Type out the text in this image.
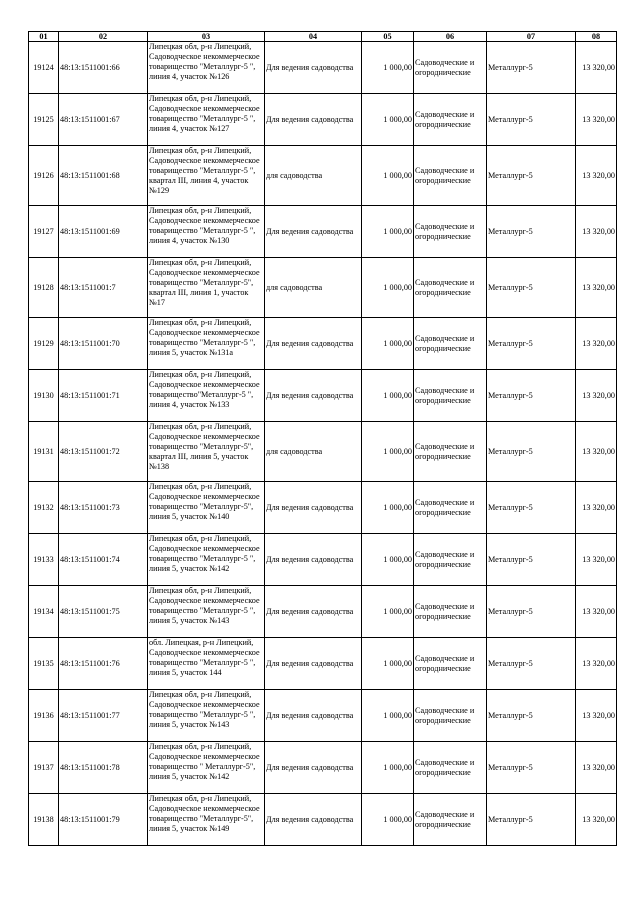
01	02	03	04	05	06	07	08

19124	48:13:1511001:66	Липецкая обл, р-н Липецкий, Садоводческое некоммерческое товарищество "Металлург-5 ", линия 4, участок №126	Для ведения садоводства	1 000,00	Садоводческие и огороднические	Металлург-5	13 320,00

19125	48:13:1511001:67	Липецкая обл, р-н Липецкий, Садоводческое некоммерческое товарищество "Металлург-5 ", линия 4, участок №127	Для ведения садоводства	1 000,00	Садоводческие и огороднические	Металлург-5	13 320,00

19126	48:13:1511001:68	Липецкая обл, р-н Липецкий, Садоводческое некоммерческое товарищество "Металлург-5 ", квартал III, линия 4, участок №129	для садоводства	1 000,00	Садоводческие и огороднические	Металлург-5	13 320,00

19127	48:13:1511001:69	Липецкая обл, р-н Липецкий, Садоводческое некоммерческое товарищество "Металлург-5 ", линия 4, участок №130	Для ведения садоводства	1 000,00	Садоводческие и огороднические	Металлург-5	13 320,00

19128	48:13:1511001:7	Липецкая обл, р-н Липецкий, Садоводческое некоммерческое товарищество "Металлург-5", квартал III, линия 1, участок №17	для садоводства	1 000,00	Садоводческие и огороднические	Металлург-5	13 320,00

19129	48:13:1511001:70	Липецкая обл, р-н Липецкий, Садоводческое некоммерческое товарищество "Металлург-5 ", линия 5, участок №131а	Для ведения садоводства	1 000,00	Садоводческие и огороднические	Металлург-5	13 320,00

19130	48:13:1511001:71	Липецкая обл, р-н Липецкий, Садоводческое некоммерческое товарищество"Металлург-5 ", линия 4, участок №133	Для ведения садоводства	1 000,00	Садоводческие и огороднические	Металлург-5	13 320,00

19131	48:13:1511001:72	Липецкая обл, р-н Липецкий, Садоводческое некоммерческое товарищество "Металлург-5", квартал III, линия 5, участок №138	для садоводства	1 000,00	Садоводческие и огороднические	Металлург-5	13 320,00

19132	48:13:1511001:73	Липецкая обл, р-н Липецкий, Садоводческое некоммерческое товарищество "Металлург-5", линия 5, участок №140	Для ведения садоводства	1 000,00	Садоводческие и огороднические	Металлург-5	13 320,00

19133	48:13:1511001:74	Липецкая обл, р-н Липецкий, Садоводческое некоммерческое товарищество "Металлург-5 ", линия 5, участок №142	Для ведения садоводства	1 000,00	Садоводческие и огороднические	Металлург-5	13 320,00

19134	48:13:1511001:75	Липецкая обл, р-н Липецкий, Садоводческое некоммерческое товарищество "Металлург-5 ", линия 5, участок №143	Для ведения садоводства	1 000,00	Садоводческие и огороднические	Металлург-5	13 320,00

19135	48:13:1511001:76	обл. Липецкая, р-н Липецкий, Садоводческое некоммерческое товарищество "Металлург-5 ", линия 5, участок 144	Для ведения садоводства	1 000,00	Садоводческие и огороднические	Металлург-5	13 320,00

19136	48:13:1511001:77	Липецкая обл, р-н Липецкий, Садоводческое некоммерческое товарищество "Металлург-5 ", линия 5, участок №143	Для ведения садоводства	1 000,00	Садоводческие и огороднические	Металлург-5	13 320,00

19137	48:13:1511001:78	Липецкая обл, р-н Липецкий, Садоводческое некоммерческое товарищество " Металлург-5", линия 5, участок №142	Для ведения садоводства	1 000,00	Садоводческие и огороднические	Металлург-5	13 320,00

19138	48:13:1511001:79	Липецкая обл, р-н Липецкий, Садоводческое некоммерческое товарищество "Металлург-5", линия 5, участок №149	Для ведения садоводства	1 000,00	Садоводческие и огороднические	Металлург-5	13 320,00
